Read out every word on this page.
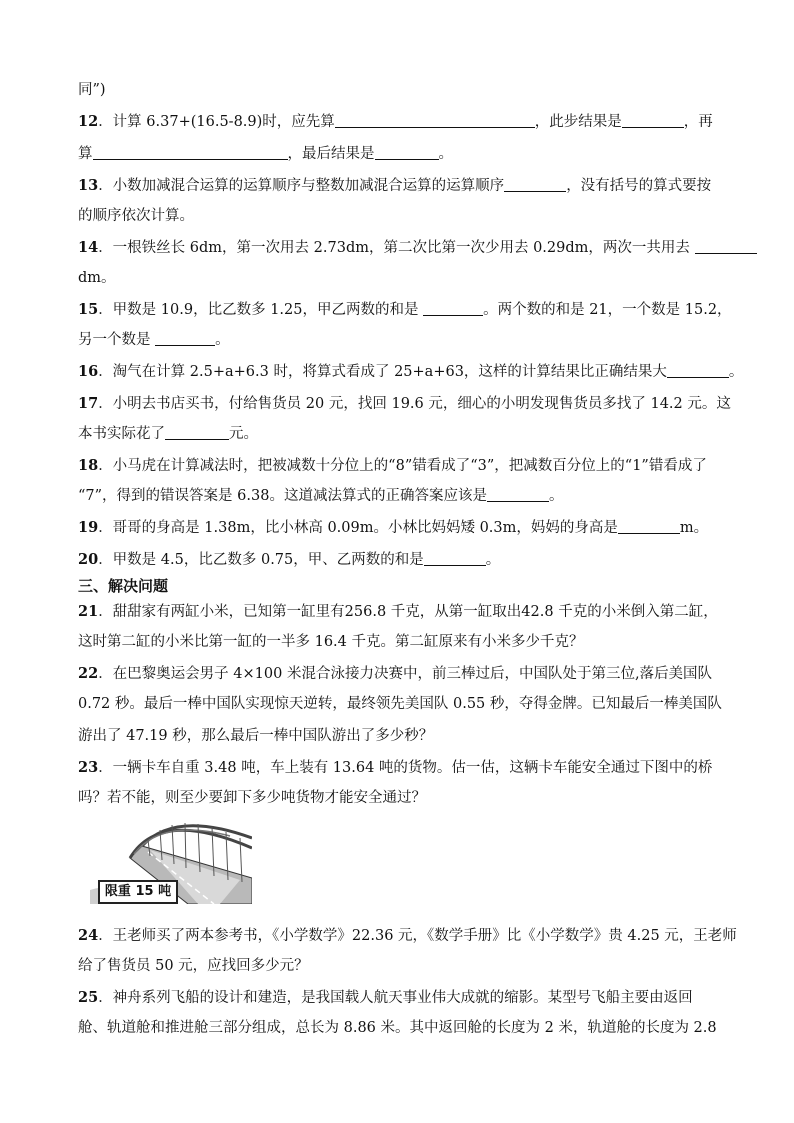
同”)
12．计算 6.37+(16.5-8.9)时，应先算	，此步结果是	，再
算	，最后结果是	。
13．小数加减混合运算的运算顺序与整数加减混合运算的运算顺序	，没有括号的算式要按
的顺序依次计算。
14．一根铁丝长 6dm，第一次用去 2.73dm，第二次比第一次少用去 0.29dm，两次一共用去
dm。
15．甲数是 10.9，比乙数多 1.25，甲乙两数的和是	。两个数的和是 21，一个数是 15.2，
另一个数是	。
16．淘气在计算 2.5+a+6.3 时，将算式看成了 25+a+63，这样的计算结果比正确结果大	。
17．小明去书店买书，付给售货员 20 元，找回 19.6 元，细心的小明发现售货员多找了 14.2 元。这
本书实际花了	元。
18．小马虎在计算减法时，把被减数十分位上的“8”错看成了“3”，把减数百分位上的“1”错看成了
“7”，得到的错误答案是 6.38。这道减法算式的正确答案应该是	。
19．哥哥的身高是 1.38m，比小林高 0.09m。小林比妈妈矮 0.3m，妈妈的身高是	m。
20．甲数是 4.5，比乙数多 0.75，甲、乙两数的和是	。
三、解决问题
21．甜甜家有两缸小米，已知第一缸里有256.8 千克，从第一缸取出42.8 千克的小米倒入第二缸，
这时第二缸的小米比第一缸的一半多 16.4 千克。第二缸原来有小米多少千克？
22．在巴黎奥运会男子 4×100 米混合泳接力决赛中，前三棒过后，中国队处于第三位,落后美国队
0.72 秒。最后一棒中国队实现惊天逆转，最终领先美国队 0.55 秒，夺得金牌。已知最后一棒美国队
游出了 47.19 秒，那么最后一棒中国队游出了多少秒？
23．一辆卡车自重 3.48 吨，车上装有 13.64 吨的货物。估一估，这辆卡车能安全通过下图中的桥
吗？若不能，则至少要卸下多少吨货物才能安全通过？
限重 15 吨
24．王老师买了两本参考书，《小学数学》22.36 元，《数学手册》比《小学数学》贵 4.25 元，王老师
给了售货员 50 元，应找回多少元？
25．神舟系列飞船的设计和建造，是我国载人航天事业伟大成就的缩影。某型号飞船主要由返回
舱、轨道舱和推进舱三部分组成，总长为 8.86 米。其中返回舱的长度为 2 米，轨道舱的长度为 2.8
